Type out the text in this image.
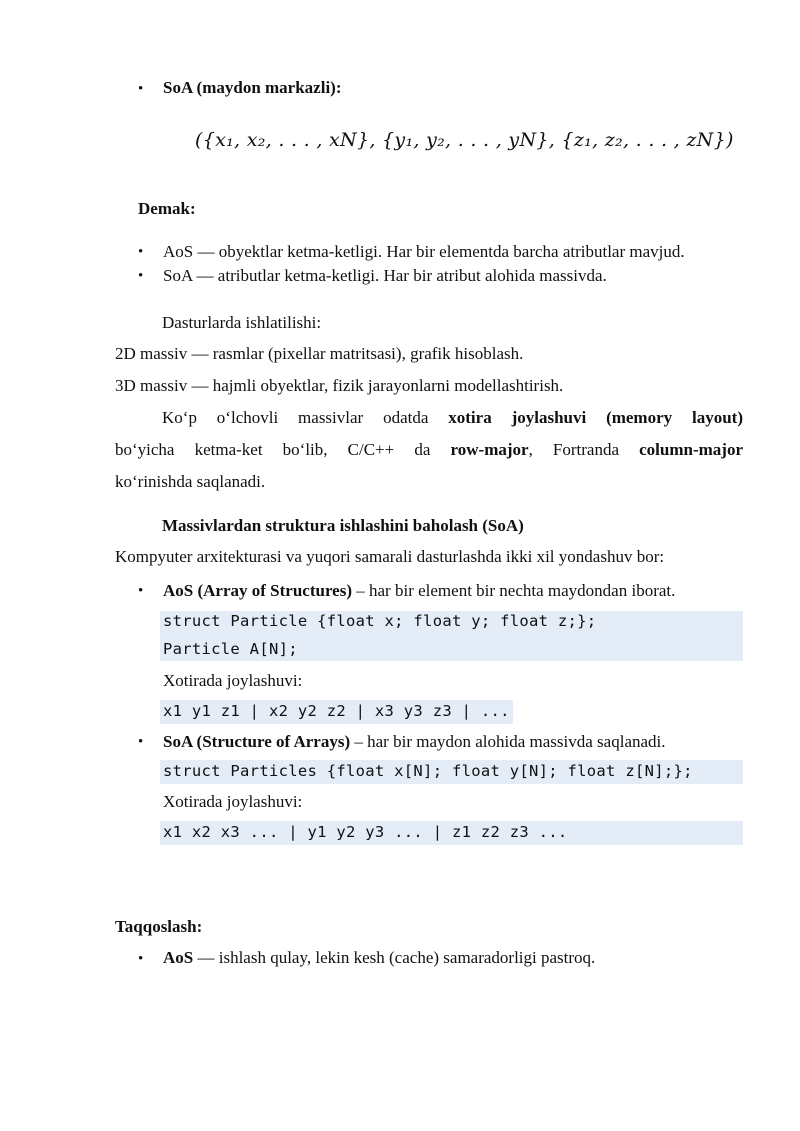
• SoA (maydon markazli):
({x₁, x₂, . . . , xN}, {y₁, y₂, . . . , yN}, {z₁, z₂, . . . , zN})
Demak:
• AoS — obyektlar ketma-ketligi. Har bir elementda barcha atributlar mavjud.
• SoA — atributlar ketma-ketligi. Har bir atribut alohida massivda.
Dasturlarda ishlatilishi:
2D massiv — rasmlar (pixellar matritsasi), grafik hisoblash.
3D massiv — hajmli obyektlar, fizik jarayonlarni modellashtirish.
Ko‘p o‘lchovli massivlar odatda xotira joylashuvi (memory layout)
bo‘yicha ketma-ket bo‘lib, C/C++ da row-major, Fortranda column-major
ko‘rinishda saqlanadi.
Massivlardan struktura ishlashini baholash (SoA)
Kompyuter arxitekturasi va yuqori samarali dasturlashda ikki xil yondashuv bor:
• AoS (Array of Structures) – har bir element bir nechta maydondan iborat.
struct Particle {float x; float y; float z;};
Particle A[N];
Xotirada joylashuvi:
x1 y1 z1 | x2 y2 z2 | x3 y3 z3 | ...
• SoA (Structure of Arrays) – har bir maydon alohida massivda saqlanadi.
struct Particles {float x[N]; float y[N]; float z[N];};
Xotirada joylashuvi:
x1 x2 x3 ... | y1 y2 y3 ... | z1 z2 z3 ...
Taqqoslash:
• AoS — ishlash qulay, lekin kesh (cache) samaradorligi pastroq.
